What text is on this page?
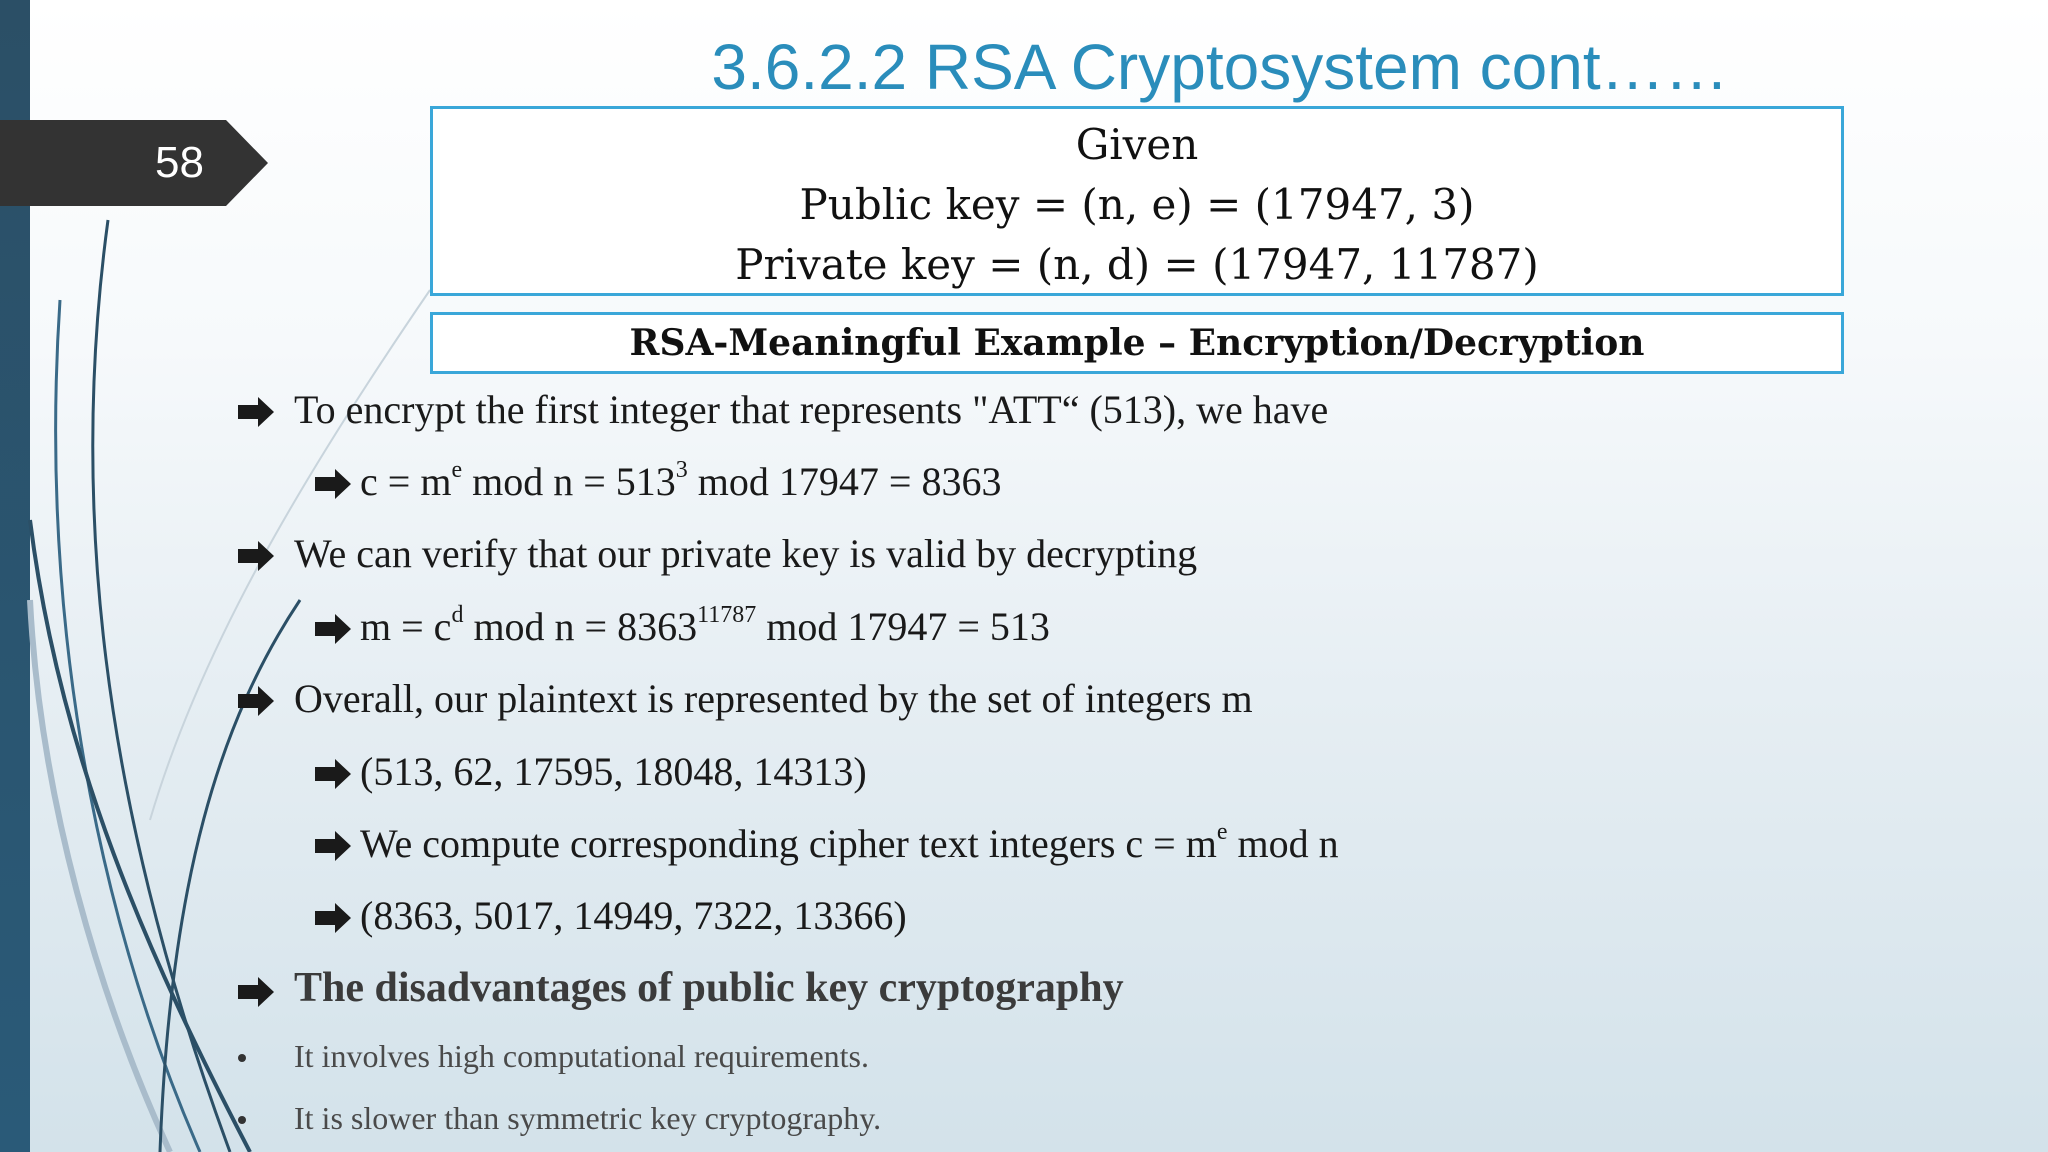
58
3.6.2.2 RSA Cryptosystem cont……
Given
Public key = (n, e) = (17947, 3)
Private key = (n, d) = (17947, 11787)
RSA-Meaningful Example – Encryption/Decryption
To encrypt the first integer that represents "ATT“ (513), we have
$c = m^e$ mod $n = 513^3$ mod 17947 = 8363
We can verify that our private key is valid by decrypting
$m = c^d$ mod $n = 8363^{11787}$ mod 17947 = 513
Overall, our plaintext is represented by the set of integers m
(513, 62, 17595, 18048, 14313)
We compute corresponding cipher text integers $c = m^e$ mod n
(8363, 5017, 14949, 7322, 13366)
The disadvantages of public key cryptography
It involves high computational requirements.
It is slower than symmetric key cryptography.
